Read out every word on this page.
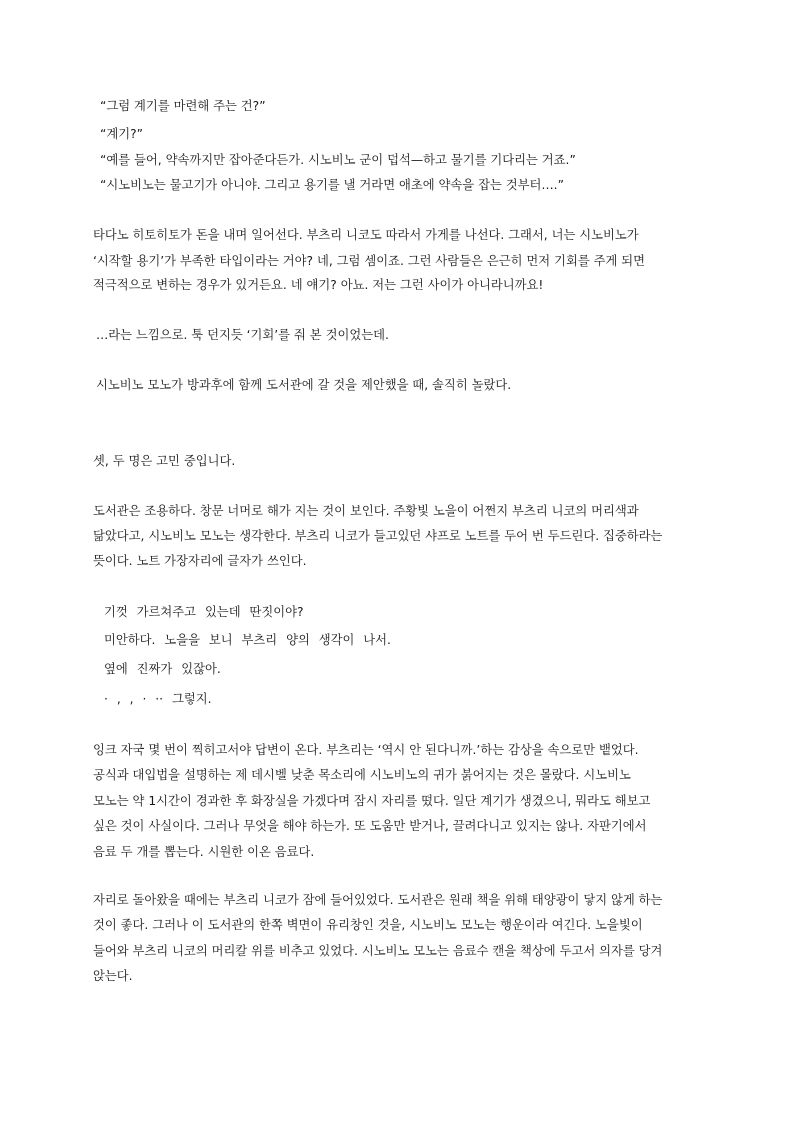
“그럼 계기를 마련해 주는 건?”
“계기?”
“예를 들어, 약속까지만 잡아준다든가. 시노비노 군이 덥석—하고 물기를 기다리는 거죠.”
“시노비노는 물고기가 아니야. 그리고 용기를 낼 거라면 애초에 약속을 잡는 것부터….”
타다노 히토히토가 돈을 내며 일어선다. 부츠리 니코도 따라서 가게를 나선다. 그래서, 너는 시노비노가
‘시작할 용기’가 부족한 타입이라는 거야? 네, 그럼 셈이죠. 그런 사람들은 은근히 먼저 기회를 주게 되면
적극적으로 변하는 경우가 있거든요. 네 얘기? 아뇨. 저는 그런 사이가 아니라니까요!
…라는 느낌으로. 툭 던지듯 ‘기회’를 줘 본 것이었는데.
시노비노 모노가 방과후에 함께 도서관에 갈 것을 제안했을 때, 솔직히 놀랐다.
셋, 두 명은 고민 중입니다.
도서관은 조용하다. 창문 너머로 해가 지는 것이 보인다. 주황빛 노을이 어쩐지 부츠리 니코의 머리색과
닮았다고, 시노비노 모노는 생각한다. 부츠리 니코가 들고있던 샤프로 노트를 두어 번 두드린다. 집중하라는
뜻이다. 노트 가장자리에 글자가 쓰인다.
기껏 가르쳐주고 있는데 딴짓이야?
미안하다. 노을을 보니 부츠리 양의 생각이 나서.
옆에 진짜가 있잖아.
· , , · ·· 그렇지.
잉크 자국 몇 번이 찍히고서야 답변이 온다. 부츠리는 ‘역시 안 된다니까.’하는 감상을 속으로만 뱉었다.
공식과 대입법을 설명하는 제 데시벨 낮춘 목소리에 시노비노의 귀가 붉어지는 것은 몰랐다. 시노비노
모노는 약 1시간이 경과한 후 화장실을 가겠다며 잠시 자리를 떴다. 일단 계기가 생겼으니, 뭐라도 해보고
싶은 것이 사실이다. 그러나 무엇을 해야 하는가. 또 도움만 받거나, 끌려다니고 있지는 않나. 자판기에서
음료 두 개를 뽑는다. 시원한 이온 음료다.
자리로 돌아왔을 때에는 부츠리 니코가 잠에 들어있었다. 도서관은 원래 책을 위해 태양광이 닿지 않게 하는
것이 좋다. 그러나 이 도서관의 한쪽 벽면이 유리창인 것을, 시노비노 모노는 행운이라 여긴다. 노을빛이
들어와 부츠리 니코의 머리칼 위를 비추고 있었다. 시노비노 모노는 음료수 캔을 책상에 두고서 의자를 당겨
앉는다.
